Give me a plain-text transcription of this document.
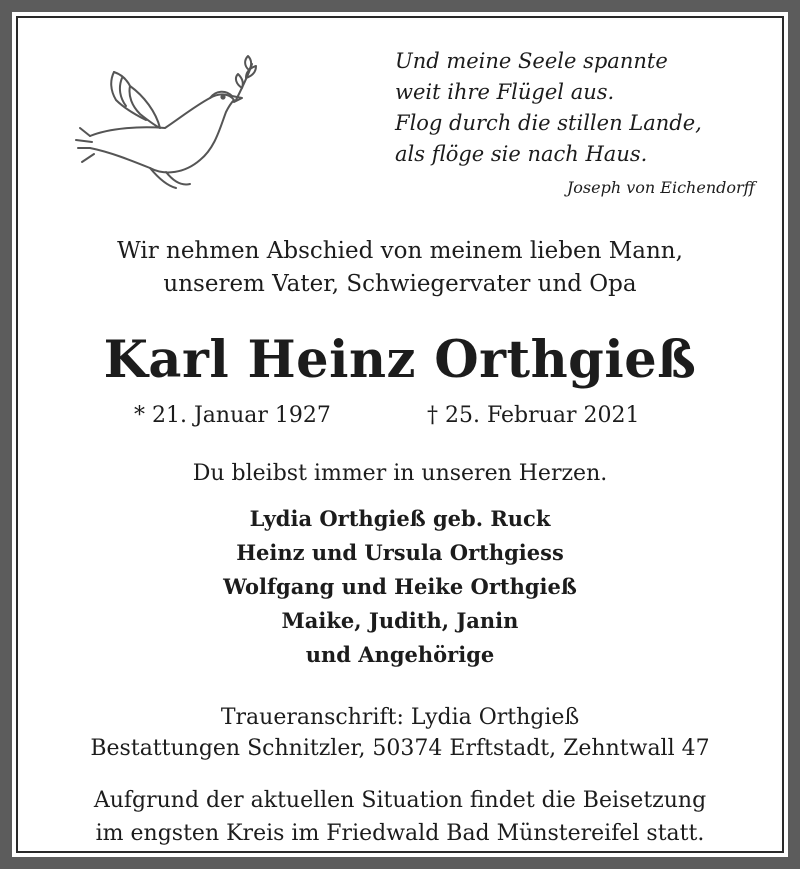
Und meine Seele spannte
weit ihre Flügel aus.
Flog durch die stillen Lande,
als flöge sie nach Haus.
Joseph von Eichendorff
Wir nehmen Abschied von meinem lieben Mann,
unserem Vater, Schwiegervater und Opa
Karl Heinz Orthgieß
* 21. Januar 1927	† 25. Februar 2021
Du bleibst immer in unseren Herzen.
Lydia Orthgieß geb. Ruck
Heinz und Ursula Orthgiess
Wolfgang und Heike Orthgieß
Maike, Judith, Janin
und Angehörige
Traueranschrift: Lydia Orthgieß
Bestattungen Schnitzler, 50374 Erftstadt, Zehntwall 47
Aufgrund der aktuellen Situation findet die Beisetzung
im engsten Kreis im Friedwald Bad Münstereifel statt.
